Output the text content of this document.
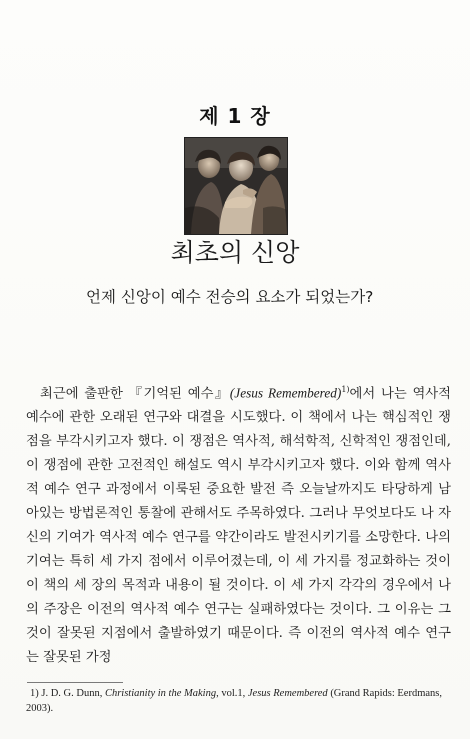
제 1 장
최초의 신앙
언제 신앙이 예수 전승의 요소가 되었는가?

최근에 출판한 『기억된 예수』(Jesus Remembered)$^{1)}$에서 나는 역사적 예수에 관한 오래된 연구와 대결을 시도했다. 이 책에서 나는 핵심적인 쟁점을 부각시키고자 했다. 이 쟁점은 역사적, 해석학적, 신학적인 쟁점인데, 이 쟁점에 관한 고전적인 해설도 역시 부각시키고자 했다. 이와 함께 역사적 예수 연구 과정에서 이룩된 중요한 발전 즉 오늘날까지도 타당하게 남아있는 방법론적인 통찰에 관해서도 주목하였다. 그러나 무엇보다도 나 자신의 기여가 역사적 예수 연구를 약간이라도 발전시키기를 소망한다. 나의 기여는 특히 세 가지 점에서 이루어졌는데, 이 세 가지를 정교화하는 것이 이 책의 세 장의 목적과 내용이 될 것이다. 이 세 가지 각각의 경우에서 나의 주장은 이전의 역사적 예수 연구는 실패하였다는 것이다. 그 이유는 그것이 잘못된 지점에서 출발하였기 때문이다. 즉 이전의 역사적 예수 연구는 잘못된 가정

1) J. D. G. Dunn, Christianity in the Making, vol.1, Jesus Remembered (Grand Rapids: Eerdmans, 2003).
